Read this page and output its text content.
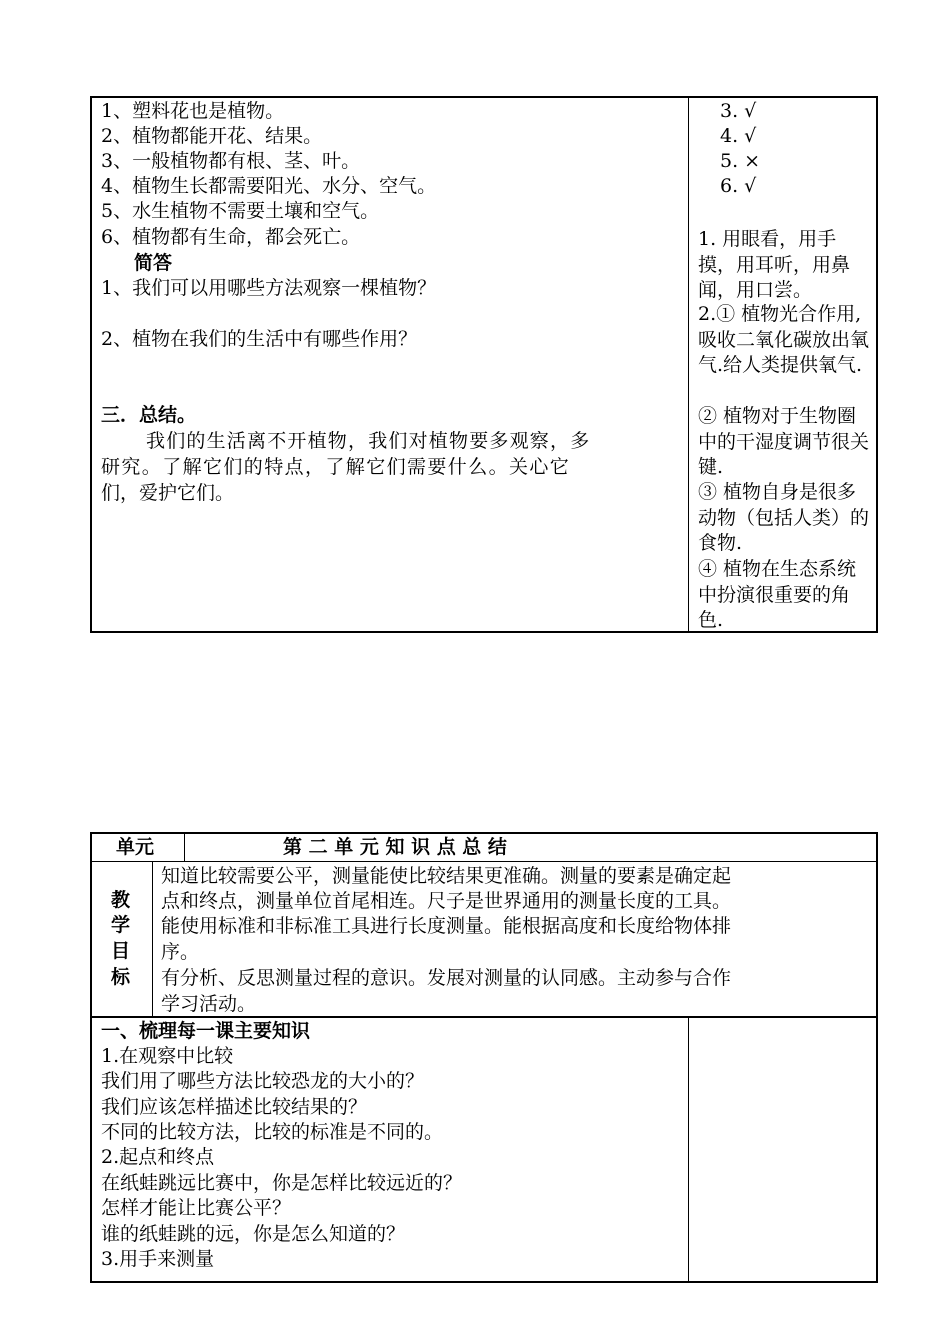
1、塑料花也是植物。
2、植物都能开花、结果。
3、一般植物都有根、茎、叶。
4、植物生长都需要阳光、水分、空气。
5、水生植物不需要土壤和空气。
6、植物都有生命，都会死亡。
简答
1、我们可以用哪些方法观察一棵植物？
2、植物在我们的生活中有哪些作用？
三．总结。
我们的生活离不开植物，我们对植物要多观察，多
研究。了解它们的特点，了解它们需要什么。关心它
们，爱护它们。
3. √
4. √
5. ×
6. √
1. 用眼看，用手摸，用耳听，用鼻闻，用口尝。
2.① 植物光合作用,吸收二氧化碳放出氧气.给人类提供氧气.
② 植物对于生物圈中的干湿度调节很关键.
③ 植物自身是很多动物（包括人类）的食物.
④ 植物在生态系统中扮演很重要的角色.
单元	第 二 单 元 知 识 点 总 结
教
学
目
标
知道比较需要公平，测量能使比较结果更准确。测量的要素是确定起
点和终点，测量单位首尾相连。尺子是世界通用的测量长度的工具。
能使用标准和非标准工具进行长度测量。能根据高度和长度给物体排
序。
有分析、反思测量过程的意识。发展对测量的认同感。主动参与合作
学习活动。
一、梳理每一课主要知识
1.在观察中比较
我们用了哪些方法比较恐龙的大小的？
我们应该怎样描述比较结果的？
不同的比较方法，比较的标准是不同的。
2.起点和终点
在纸蛙跳远比赛中，你是怎样比较远近的？
怎样才能让比赛公平？
谁的纸蛙跳的远，你是怎么知道的？
3.用手来测量
